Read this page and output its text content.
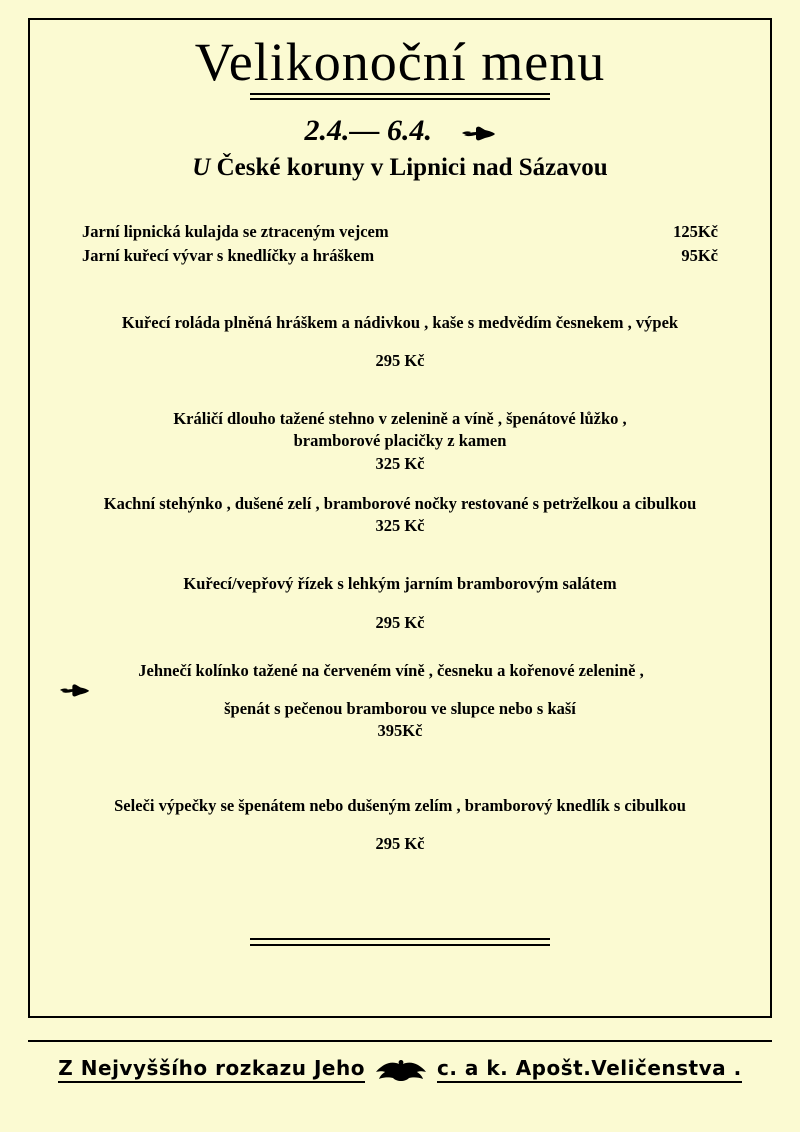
Velikonoční menu
2.4.— 6.4.
U České koruny v Lipnici nad Sázavou
Jarní lipnická kulajda se ztraceným vejcem	125Kč
Jarní kuřecí vývar s knedlíčky a hráškem	95Kč
Kuřecí roláda plněná hráškem a nádivkou , kaše s medvědím česnekem , výpek
295 Kč
Králičí dlouho tažené stehno v zelenině a víně , špenátové lůžko ,
bramborové placičky z kamen
325 Kč
Kachní stehýnko , dušené zelí , bramborové nočky restované s petrželkou a cibulkou
325 Kč
Kuřecí/vepřový řízek s lehkým jarním bramborovým salátem
295 Kč
Jehnečí kolínko tažené na červeném víně , česneku a kořenové zelenině ,
špenát s pečenou bramborou ve slupce nebo s kaší
395Kč
Seleči výpečky se špenátem nebo dušeným zelím , bramborový knedlík s cibulkou
295 Kč
Z Nejvyššího rozkazu Jeho	c. a k. Apošt.Veličenstva .
